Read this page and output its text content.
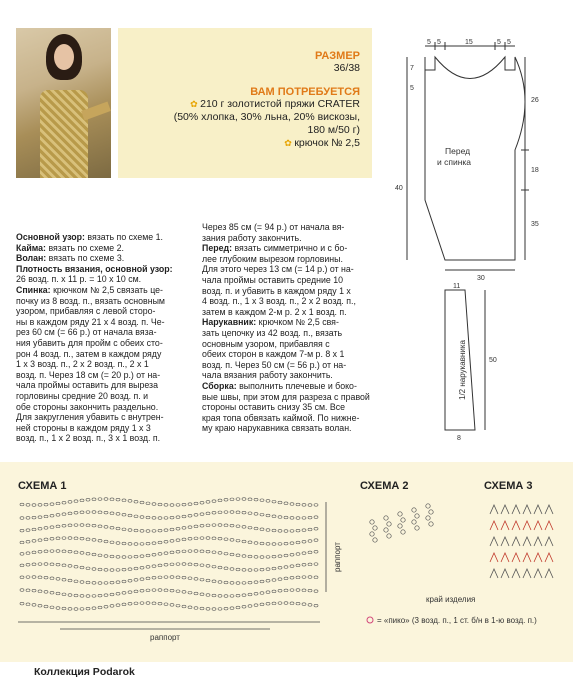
РАЗМЕР
36/38
ВАМ ПОТРЕБУЕТСЯ
✿ 210 г золотистой пряжи CRATER
(50% хлопка, 30% льна, 20% вискозы,
180 м/50 г)
✿ крючок № 2,5
Основной узор: вязать по схеме 1.
Кайма: вязать по схеме 2.
Волан: вязать по схеме 3.
Плотность вязания, основной узор:
26 возд. п. х 11 р. = 10 х 10 см.
Спинка: крючком № 2,5 связать це-
почку из 8 возд. п., вязать основным
узором, прибавляя с левой сторо-
ны в каждом ряду 21 х 4 возд. п. Че-
рез 60 см (= 66 р.) от начала вяза-
ния убавить для пройм с обеих сто-
рон 4 возд. п., затем в каждом ряду
1 х 3 возд. п., 2 х 2 возд. п., 2 х 1
возд. п. Через 18 см (= 20 р.) от на-
чала проймы оставить для выреза
горловины средние 20 возд. п. и
обе стороны закончить раздельно.
Для закругления убавить с внутрен-
ней стороны в каждом ряду 1 х 3
возд. п., 1 х 2 возд. п., 3 х 1 возд. п.
Через 85 см (= 94 р.) от начала вя-
зания работу закончить.
Перед: вязать симметрично и с бо-
лее глубоким вырезом горловины.
Для этого через 13 см (= 14 р.) от на-
чала проймы оставить средние 10
возд. п. и убавить в каждом ряду 1 х
4 возд. п., 1 х 3 возд. п., 2 х 2 возд. п.,
затем в каждом 2-м р. 2 х 1 возд. п.
Нарукавник: крючком № 2,5 свя-
зать цепочку из 42 возд. п., вязать
основным узором, прибавляя с
обеих сторон в каждом 7-м р. 8 х 1
возд. п. Через 50 см (= 56 р.) от на-
чала вязания работу закончить.
Сборка: выполнить плечевые и боко-
вые швы, при этом для разреза с правой
стороны оставить снизу 35 см. Все
края топа обвязать каймой. По нижне-
му краю нарукавника связать волан.
5 5	15	5 5
7
5
26
18
35
40
30
11
50
8
Перед
и спинка
1/2 нарукавника
СХЕМА 1	СХЕМА 2	СХЕМА 3
раппорт
раппорт
край изделия
= «пико» (3 возд. п., 1 ст. б/н в 1-ю возд. п.)
Коллекция Podarok
